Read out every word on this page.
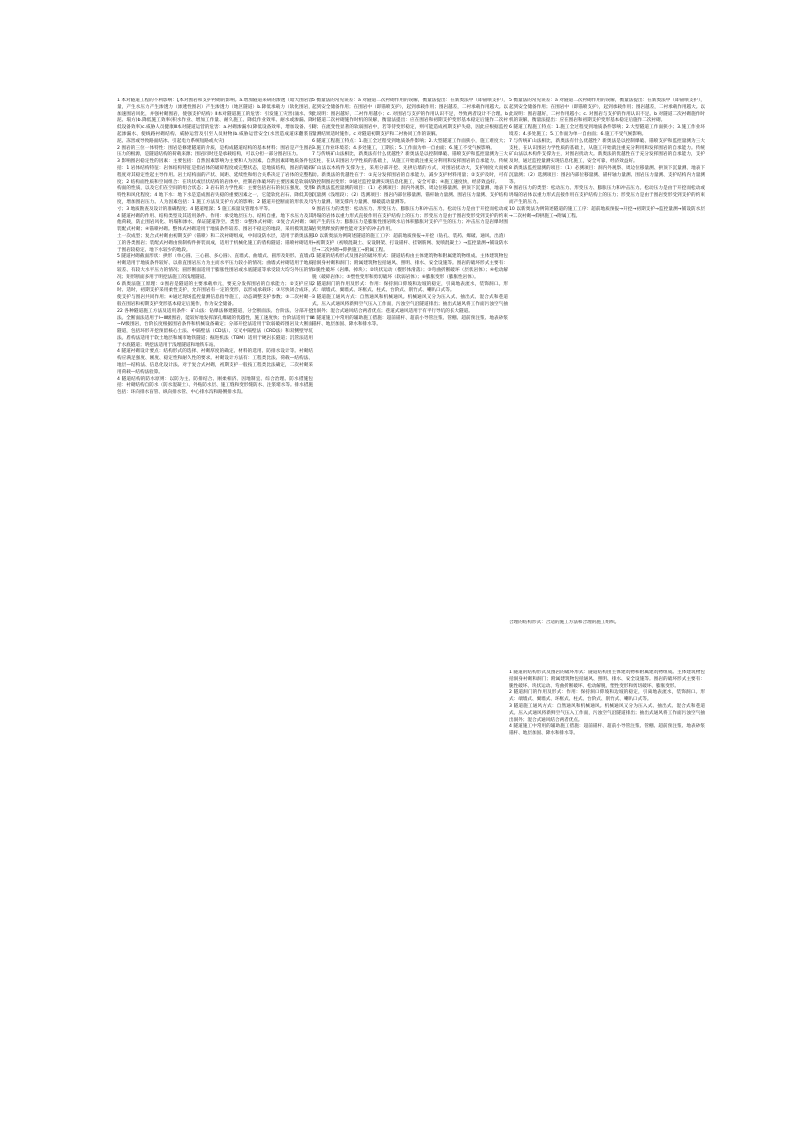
1 本对隧道工程的不利影响：【本对围岩和支护衬砌的影响。a.增加隧道来研的渗透（暗大围岩容量，产生水压力产生渗透力（渗透性围岩）产生渗透力（地区隧道）b.降低承载力（软化围岩，加速围岩风化，并强衬砌围岩，使强支护结构）Ⅱ本对隧道施工的危害：引发施工灾害(涌水、突泥、塌方)b.降低施工效率(积水作业、增加工作量、耐久施工、降低作业效率、耐水或渗漏、降低设备效率)c.威胁人员健康Ⅲ本对隧道运营的危害：a.衬砌渗漏水(降低设备效率，增加设备、引起渗漏水、使线路衬砌结构、威胁运营及引至人员财物)b.威胁运营安全(水害造成道床翻浆冒泥、冻害或导致路面结冰、引起电力系统短路或火灾)

2 围岩的三位一体特性：围岩是修建隧道的介质，是构成隧道结构的基本材料；围岩是产生围岩压力的根源，是隧道结构的荷载来源；围岩同时还是承载结构，可以分担一部分围岩压力。

3 影响围岩稳定性的因素：主要包括：自然因素影响为主要和人为因素。自然因素即地质条件包括：1 岩体结构特征：岩体结构特征是指岩体的破碎程度或完整状态，是地质结构，围岩的破碎程度对其稳定性起主导作用。岩土结构面的产状、间距、延续性和组合关系决定了岩体的完整程度；2 结构面性质和空间组合：在块状或层状结构的岩体中，控制岩体破坏的主要因素是软弱结构面的性质，以及它们在空间的组合状态；3 岩石的力学性质：主要包括岩石的抗压强度、变形特性和风化程度；4 地下水：地下水是造成围岩失稳的重要因素之一，它能软化岩石、降低其强度，增加围岩压力。人为因素包括：1 施工方法及支护方式的影响；2 隧道开挖断面的形状及尺寸；3 地质勘查及设计的准确程度；4 隧道埋深；5 施工质量及管理水平等。

4 隧道衬砌的作用、结构类型及其适用条件。作用：承受地层压力、结构自重、地下水压力及其他荷载，防止围岩风化、坍塌和渗水，保证隧道净空。类型：①整体式衬砌；②复合式衬砌；③装配式衬砌；④锚喷衬砌。整体式衬砌适用于地质条件较差、围岩不稳定的地段，采用模筑混凝土一次成型；复合式衬砌由初期支护（锚喷）和二次衬砌组成，中间设防水层，适用于新奥法施工的各类围岩；装配式衬砌由预制构件拼装而成，适用于机械化施工的盾构隧道；锚喷衬砌适用于围岩较稳定、地下水较少的地段。

5 隧道衬砌截面形状：拱形（单心圆、三心圆、多心圆）、直墙式、曲墙式、圆形及矩形。直墙式衬砌适用于地质条件较好、以垂直围岩压力为主而水平压力较小的情况；曲墙式衬砌适用于地质较差、有较大水平压力的情况；圆形断面适用于膨胀性围岩或水底隧道等承受较大均匀外压的情况；矩形断面多用于明挖法施工的浅埋隧道。

6 新奥法施工原理：①围岩是隧道的主要承载单元，要充分发挥围岩的自承能力；②支护应及时、适时，初期支护采用柔性支护，允许围岩有一定的变形，以形成承载环；③尽快闭合成环，使支护与围岩共同作用；④通过现场监控量测信息指导施工，动态调整支护参数；⑤二次衬砌一般在围岩和初期支护变形基本稳定后施作，作为安全储备。

22 各种隧道施工方法及适用条件：矿山法：钻爆法修建隧道，分全断面法、台阶法、分部开挖法。全断面法适用于Ⅰ~Ⅲ级围岩，能较好地发挥深孔爆破的优越性，施工速度快；台阶法适用于Ⅲ~Ⅳ级围岩，台阶长度根据围岩条件和机械设备确定；分部开挖法适用于软弱破碎围岩及大断面隧道，包括环形开挖预留核心土法、中隔壁法（CD法）、交叉中隔壁法（CRD法）和双侧壁导坑法。盾构法适用于软土地层和城市地铁隧道；掘进机法（TBM）适用于硬岩长隧道；沉管法适用于水底隧道；明挖法适用于浅埋隧道和地铁车站。

4 隧道衬砌设计要点：结构形式的选择、衬砌厚度的确定、材料的选用、防排水设计等。衬砌结构应满足强度、刚度、稳定性和耐久性的要求。衬砌设计方法有：工程类比法、荷载—结构法、地层—结构法、信息化设计法。对于复合式衬砌，初期支护一般按工程类比法确定，二次衬砌采用荷载—结构法验算。

4 隧道结构的防水原则：以防为主、防排结合、刚柔相济、因地制宜、综合治理。防水措施包括：衬砌结构自防水（防水混凝土）、外贴防水层、施工缝和变形缝防水、注浆堵水等。排水措施包括：环向排水盲管、纵向排水管、中心排水沟和路侧排水沟。

5 衡量法的常见误差：a 对隧道二次衬砌作用的误解，衡量法提出：在新奥法中（即锚喷支护），起到安全储备作用；在围岩中（即锚喷支护），起到承载作用；围岩越差，二衬承载作用越大。以此说明：围岩越好，二衬作用越小；c. 对围岩与支护的作用认识不足，导致两者设计不合理。b 对隧道二次衬砌施作时机的误解，衡量法提出：应在围岩和初期支护变形基本稳定后施作二次衬砌；在流变性显著的软弱围岩中，若等待变形稳定，则可能造成初期支护失稳，因此应根据监控量测结果适时施作。c 对隧道初期支护和二衬协同工作的误解。

6 隧道工程施工特点：1.施工全过程受到地质条件影响；2.大型隧道工作面狭小，施工难度大；3.施工作业环境差；4.多处施工，工期长；5.工作面为单一自由面；6.施工不受气候影响。

7 与传统矿山法相比，新奥法有什么优越性？新奥法是以控制爆破、锚喷支护和监控量测为三大支柱，在认识围岩力学性质的基础上，从施工开始就注重充分利用和发挥围岩的自承能力。传统矿山法以木构件支撑为主，采用分部开挖、先拱后墙的方式，对围岩扰动大，支护刚度大而被动。新奥法的优越性在于：①充分发挥围岩的自承能力，减少支护材料用量；②支护及时，可有效控制围岩变形；③通过监控量测实现信息化施工，安全可靠；④施工速度快，经济效益好。

8 新奥法监控量测的项目：（1）必测项目：洞内外观察、周边位移量测、拱顶下沉量测、地表下沉量测（浅埋段）；（2）选测项目：围岩内部位移量测、锚杆轴力量测、围岩压力量测、支护结构内力量测、钢支撑内力量测、爆破震动量测等。

9 围岩压力的类型：松动压力、形变压力、膨胀压力和冲击压力。松动压力是由于开挖而松动或坍塌的岩体以重力形式直接作用在支护结构上的压力；形变压力是由于围岩变形受到支护的约束而产生的压力；膨胀压力是膨胀性围岩吸水后体积膨胀对支护产生的压力；冲击压力是岩爆时围岩突然释放的弹性能对支护的冲击作用。

10 以新奥法为例简述隧道的施工工序：超前地质预报→开挖（钻孔、装药、爆破、通风、出渣）→初期支护（初喷混凝土、安设钢架、打设锚杆、挂钢筋网、复喷混凝土）→监控量测→铺设防水层→二次衬砌→仰拱施工→附属工程。

1 隧道的结构形式及围岩的破坏形式：隧道结构由主体建筑物和附属建筑物组成。主体建筑物包括洞身衬砌和洞门；附属建筑物包括通风、照明、排水、安全设施等。围岩的破坏形式主要有：①脆性破坏（岩爆、掉块）；②块状运动（楔形体滑落）；③弯曲折断破坏（层状岩体）；④松动解脱（破碎岩体）；⑤塑性变形和剪切破坏（软弱岩体）；⑥膨胀变形（膨胀性岩体）。

2 隧道洞门的作用及形式：作用：保持洞口仰坡和边坡的稳定，引离地表流水，装饰洞口。形式：端墙式、翼墙式、环框式、柱式、台阶式、削竹式、喇叭口式等。

3 隧道施工通风方式：自然通风和机械通风。机械通风又分为压入式、抽出式、混合式和巷道式。压入式通风将新鲜空气压入工作面，污浊空气沿隧道排出；抽出式通风将工作面污浊空气抽出洞外；混合式通风结合两者优点；巷道式通风适用于有平行导坑的长大隧道。

4 隧道施工中常用的辅助施工措施：超前锚杆、超前小导管注浆、管棚、超前预注浆、地表砂浆锚杆、地层加固、降水和排水等。

5 衡量法的常见误差：a 对隧道二次衬砌作用的误解，衡量法提出：在新奥法中（即锚喷支护），起到安全储备作用；在围岩中（即锚喷支护），起到承载作用；围岩越差，二衬承载作用越大。以此说明：围岩越好，二衬作用越小；c. 对围岩与支护的作用认识不足。b 对隧道二次衬砌施作时机的误解，衡量法提出：应在围岩和初期支护变形基本稳定后施作二次衬砌。

6 隧道工程施工特点：1.施工全过程受到地质条件影响；2.大型隧道工作面狭小；3.施工作业环境差；4.多处施工；5.工作面为单一自由面；6.施工不受气候影响。

7 与传统矿山法相比，新奥法有什么优越性？新奥法是以控制爆破、锚喷支护和监控量测为三大支柱，在认识围岩力学性质的基础上，从施工开始就注重充分利用和发挥围岩的自承能力。传统矿山法以木构件支撑为主，对围岩扰动大。新奥法的优越性在于充分发挥围岩的自承能力，支护及时，通过监控量测实现信息化施工，安全可靠，经济效益好。

8 新奥法监控量测的项目：（1）必测项目：洞内外观察、周边位移量测、拱顶下沉量测、地表下沉量测；（2）选测项目：围岩内部位移量测、锚杆轴力量测、围岩压力量测、支护结构内力量测等。

9 围岩压力的类型：松动压力、形变压力、膨胀压力和冲击压力。松动压力是由于开挖而松动或坍塌的岩体以重力形式直接作用在支护结构上的压力；形变压力是由于围岩变形受到支护的约束而产生的压力。

10 以新奥法为例简述隧道的施工工序：超前地质预报→开挖→初期支护→监控量测→铺设防水层→二次衬砌→仰拱施工→附属工程。

合理的结构形式：合适的施工方法和合理的施工组织。

1 隧道的结构形式及围岩的破坏形式：隧道结构由主体建筑物和附属建筑物组成。主体建筑物包括洞身衬砌和洞门；附属建筑物包括通风、照明、排水、安全设施等。围岩的破坏形式主要有：脆性破坏、块状运动、弯曲折断破坏、松动解脱、塑性变形和剪切破坏、膨胀变形。

2 隧道洞门的作用及形式：作用：保持洞口仰坡和边坡的稳定，引离地表流水，装饰洞口。形式：端墙式、翼墙式、环框式、柱式、台阶式、削竹式、喇叭口式等。

3 隧道施工通风方式：自然通风和机械通风。机械通风又分为压入式、抽出式、混合式和巷道式。压入式通风将新鲜空气压入工作面，污浊空气沿隧道排出；抽出式通风将工作面污浊空气抽出洞外；混合式通风结合两者优点。

4 隧道施工中常用的辅助施工措施：超前锚杆、超前小导管注浆、管棚、超前预注浆、地表砂浆锚杆、地层加固、降水和排水等。
